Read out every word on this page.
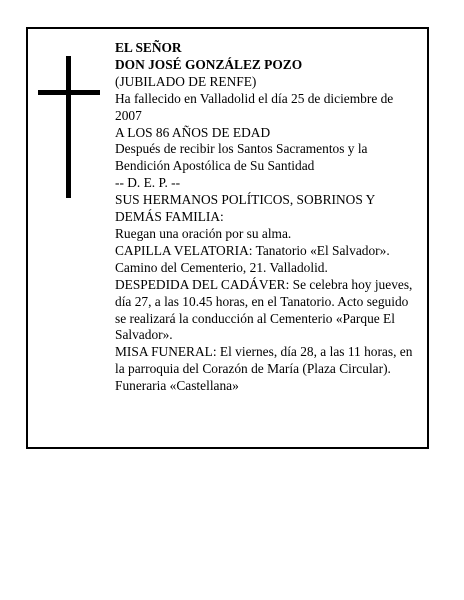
EL SEÑOR

DON JOSÉ GONZÁLEZ POZO

(JUBILADO DE RENFE)

Ha fallecido en Valladolid el día 25 de diciembre de 2007

A LOS 86 AÑOS DE EDAD

Después de recibir los Santos Sacramentos y la Bendición Apostólica de Su Santidad

-- D. E. P. --

SUS HERMANOS POLÍTICOS, SOBRINOS Y DEMÁS FAMILIA:

Ruegan una oración por su alma.

CAPILLA VELATORIA: Tanatorio «El Salvador». Camino del Cementerio, 21. Valladolid.

DESPEDIDA DEL CADÁVER: Se celebra hoy jueves, día 27, a las 10.45 horas, en el Tanatorio. Acto seguido se realizará la conducción al Cementerio «Parque El Salvador».

MISA FUNERAL: El viernes, día 28, a las 11 horas, en la parroquia del Corazón de María (Plaza Circular).

Funeraria «Castellana»
